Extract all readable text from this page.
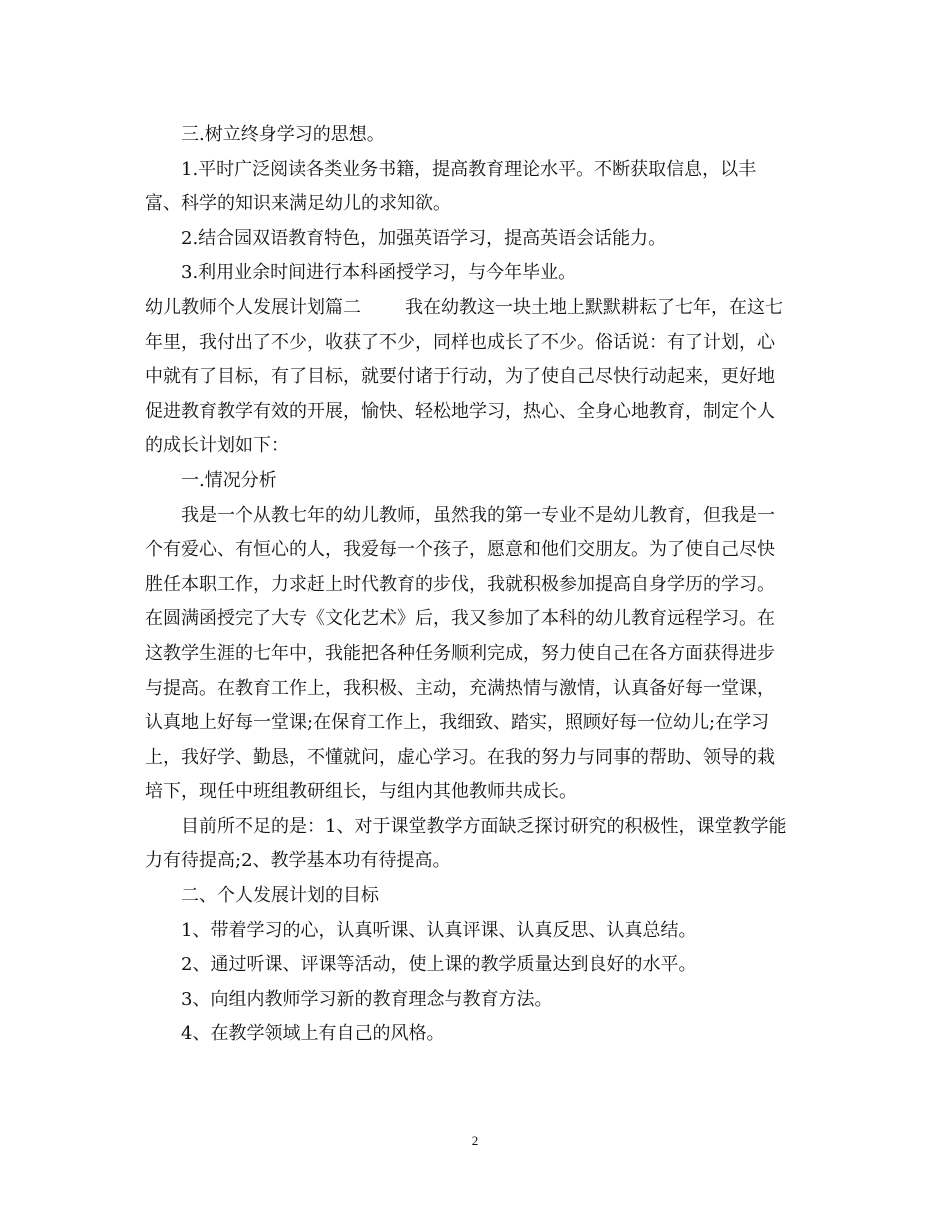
三.树立终身学习的思想。
1.平时广泛阅读各类业务书籍，提高教育理论水平。不断获取信息，以丰
富、科学的知识来满足幼儿的求知欲。
2.结合园双语教育特色，加强英语学习，提高英语会话能力。
3.利用业余时间进行本科函授学习，与今年毕业。
幼儿教师个人发展计划篇二 我在幼教这一块土地上默默耕耘了七年，在这七
年里，我付出了不少，收获了不少，同样也成长了不少。俗话说：有了计划，心
中就有了目标，有了目标，就要付诸于行动，为了使自己尽快行动起来，更好地
促进教育教学有效的开展，愉快、轻松地学习，热心、全身心地教育，制定个人
的成长计划如下：
一.情况分析
我是一个从教七年的幼儿教师，虽然我的第一专业不是幼儿教育，但我是一
个有爱心、有恒心的人，我爱每一个孩子，愿意和他们交朋友。为了使自己尽快
胜任本职工作，力求赶上时代教育的步伐，我就积极参加提高自身学历的学习。
在圆满函授完了大专《文化艺术》后，我又参加了本科的幼儿教育远程学习。在
这教学生涯的七年中，我能把各种任务顺利完成，努力使自己在各方面获得进步
与提高。在教育工作上，我积极、主动，充满热情与激情，认真备好每一堂课，
认真地上好每一堂课;在保育工作上，我细致、踏实，照顾好每一位幼儿;在学习
上，我好学、勤恳，不懂就问，虚心学习。在我的努力与同事的帮助、领导的栽
培下，现任中班组教研组长，与组内其他教师共成长。
目前所不足的是：1、对于课堂教学方面缺乏探讨研究的积极性，课堂教学能
力有待提高;2、教学基本功有待提高。
二、个人发展计划的目标
1、带着学习的心，认真听课、认真评课、认真反思、认真总结。
2、通过听课、评课等活动，使上课的教学质量达到良好的水平。
3、向组内教师学习新的教育理念与教育方法。
4、在教学领域上有自己的风格。
2
